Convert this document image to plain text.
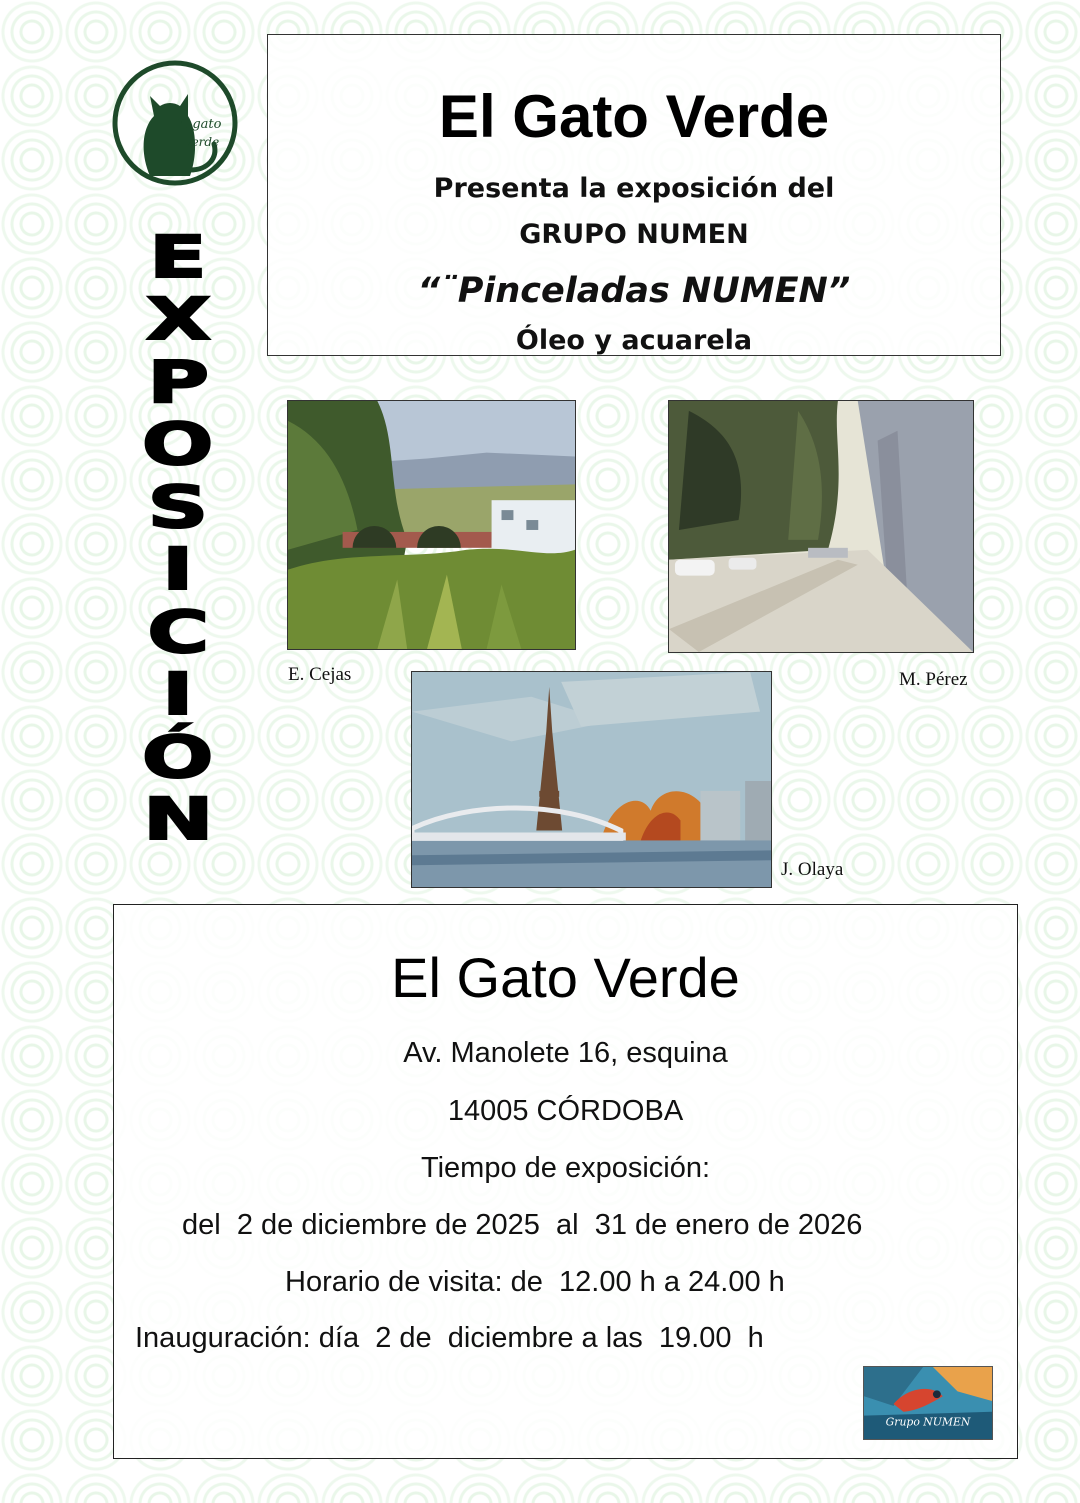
El gato
verde
E
X
P
O
S
I
C
I
Ó
N
El Gato Verde
Presenta la exposición del
GRUPO NUMEN
“¨Pinceladas NUMEN”
Óleo y acuarela
E. Cejas	M. Pérez
J. Olaya
El Gato Verde
Av. Manolete 16, esquina
14005 CÓRDOBA
Tiempo de exposición:
del  2 de diciembre de 2025  al  31 de enero de 2026
Horario de visita: de  12.00 h a 24.00 h
Inauguración: día  2 de  diciembre a las  19.00  h
Grupo NUMEN
